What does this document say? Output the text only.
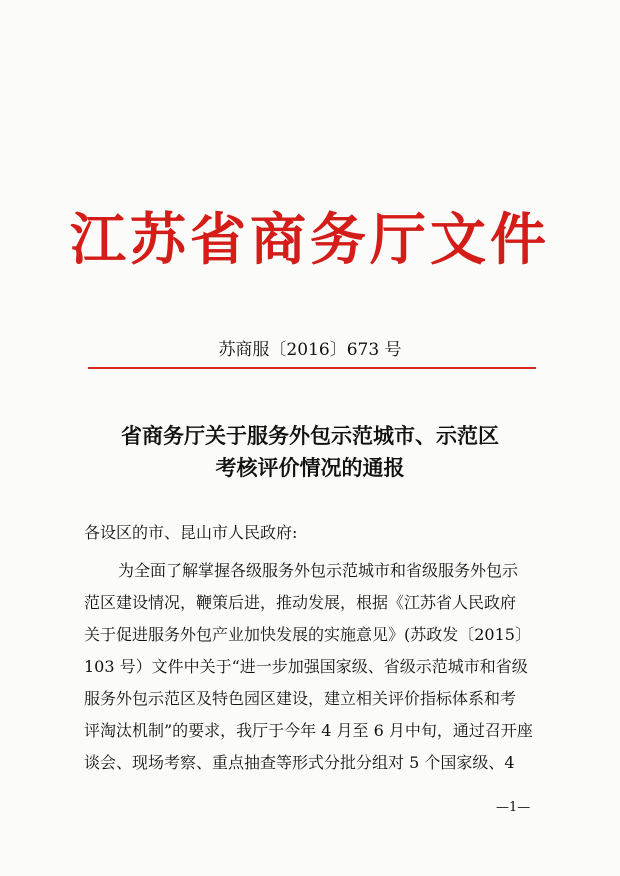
江苏省商务厅文件
苏商服〔2016〕673 号
省商务厅关于服务外包示范城市、示范区
考核评价情况的通报
各设区的市、昆山市人民政府:
为全面了解掌握各级服务外包示范城市和省级服务外包示
范区建设情况，鞭策后进，推动发展，根据《江苏省人民政府
关于促进服务外包产业加快发展的实施意见》(苏政发〔2015〕
103 号）文件中关于“进一步加强国家级、省级示范城市和省级
服务外包示范区及特色园区建设，建立相关评价指标体系和考
评淘汰机制”的要求，我厅于今年 4 月至 6 月中旬，通过召开座
谈会、现场考察、重点抽查等形式分批分组对 5 个国家级、4
—1—
